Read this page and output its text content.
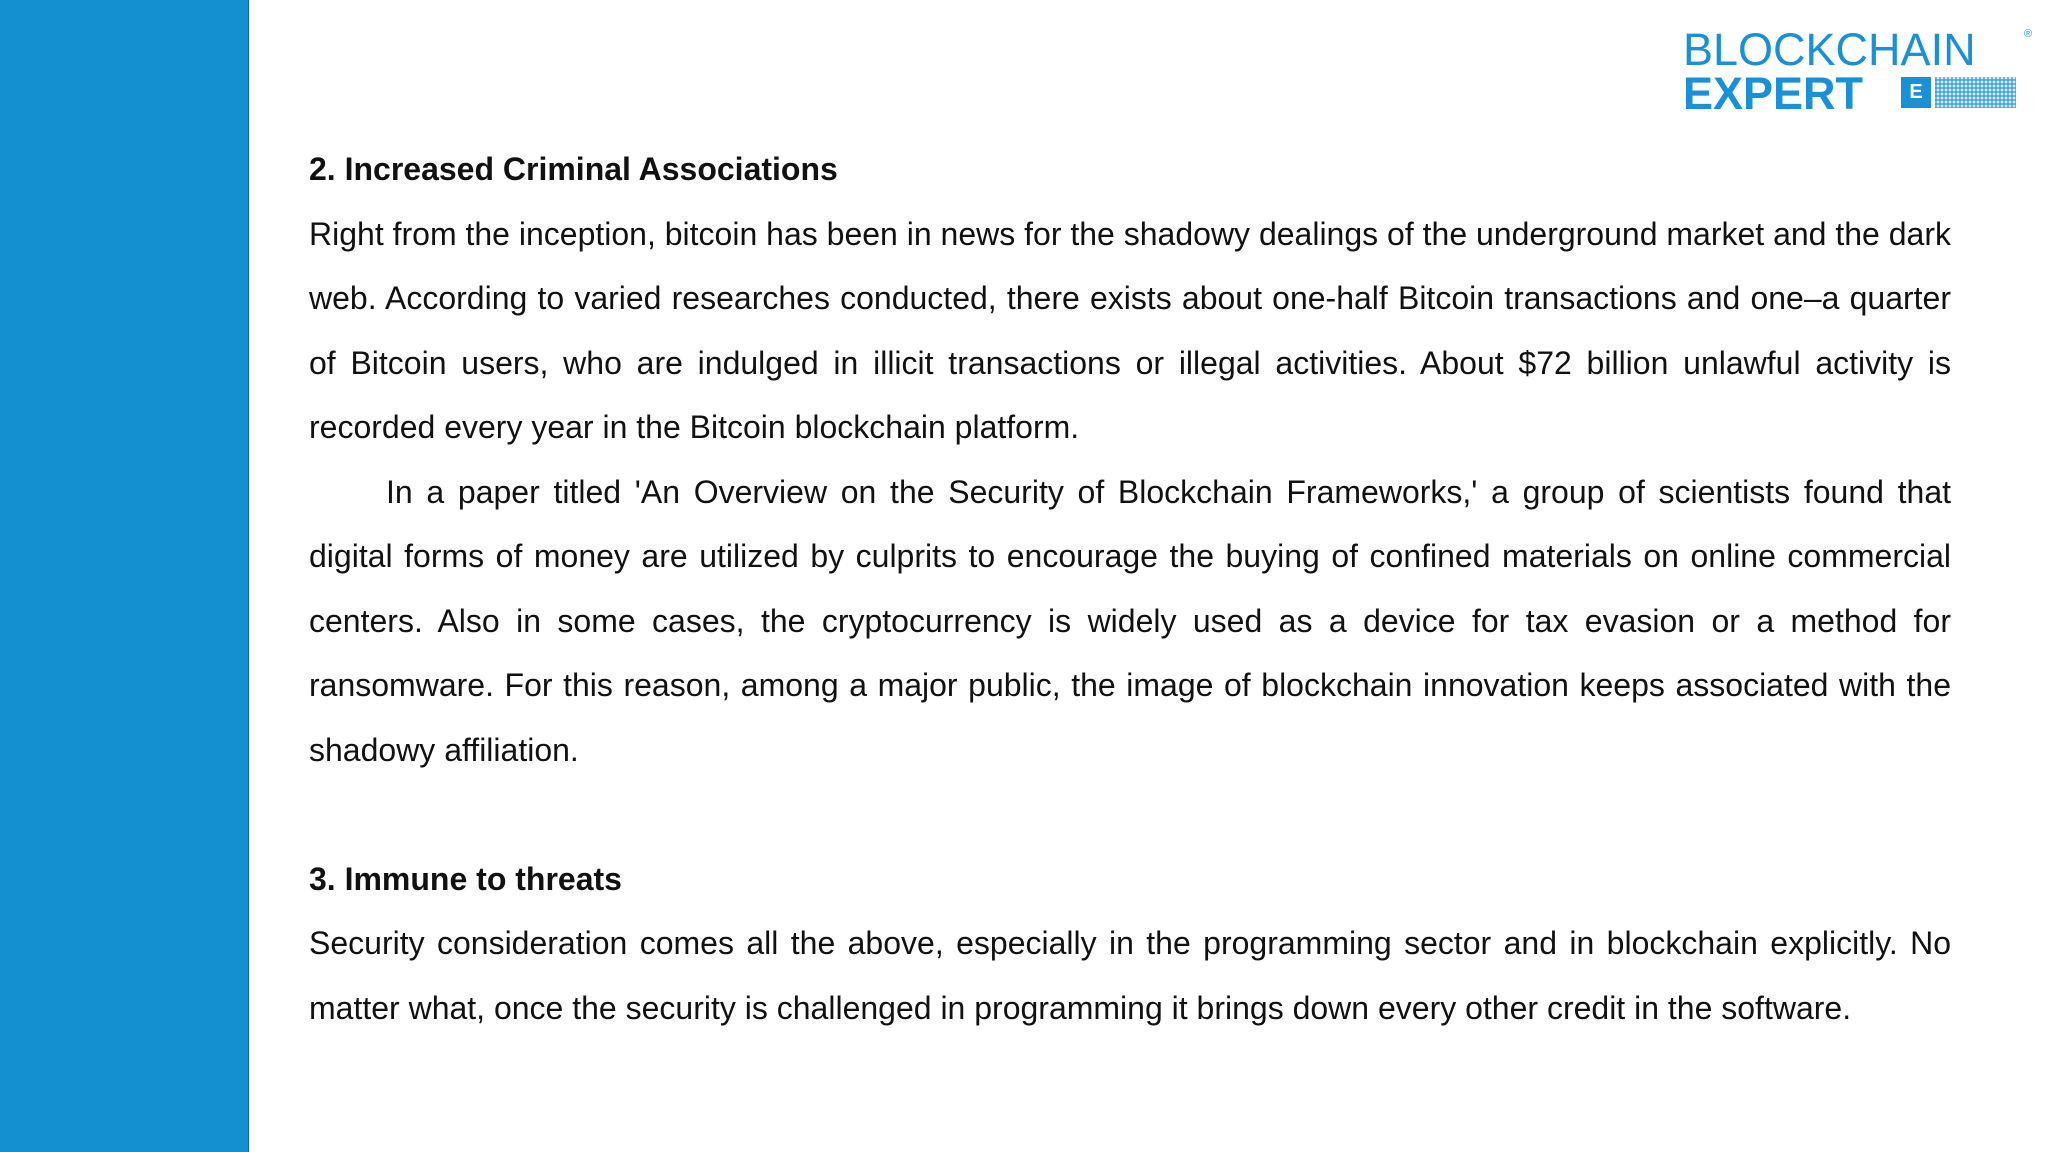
BLOCKCHAIN	®
EXPERT	E

2. Increased Criminal Associations

Right from the inception, bitcoin has been in news for the shadowy dealings of the underground market and the dark web. According to varied researches conducted, there exists about one-half Bitcoin transactions and one–a quarter of Bitcoin users, who are indulged in illicit transactions or illegal activities. About $72 billion unlawful activity is recorded every year in the Bitcoin blockchain platform.

In a paper titled 'An Overview on the Security of Blockchain Frameworks,' a group of scientists found that digital forms of money are utilized by culprits to encourage the buying of confined materials on online commercial centers. Also in some cases, the cryptocurrency is widely used as a device for tax evasion or a method for ransomware. For this reason, among a major public, the image of blockchain innovation keeps associated with the shadowy affiliation.

3. Immune to threats

Security consideration comes all the above, especially in the programming sector and in blockchain explicitly. No matter what, once the security is challenged in programming it brings down every other credit in the software.
